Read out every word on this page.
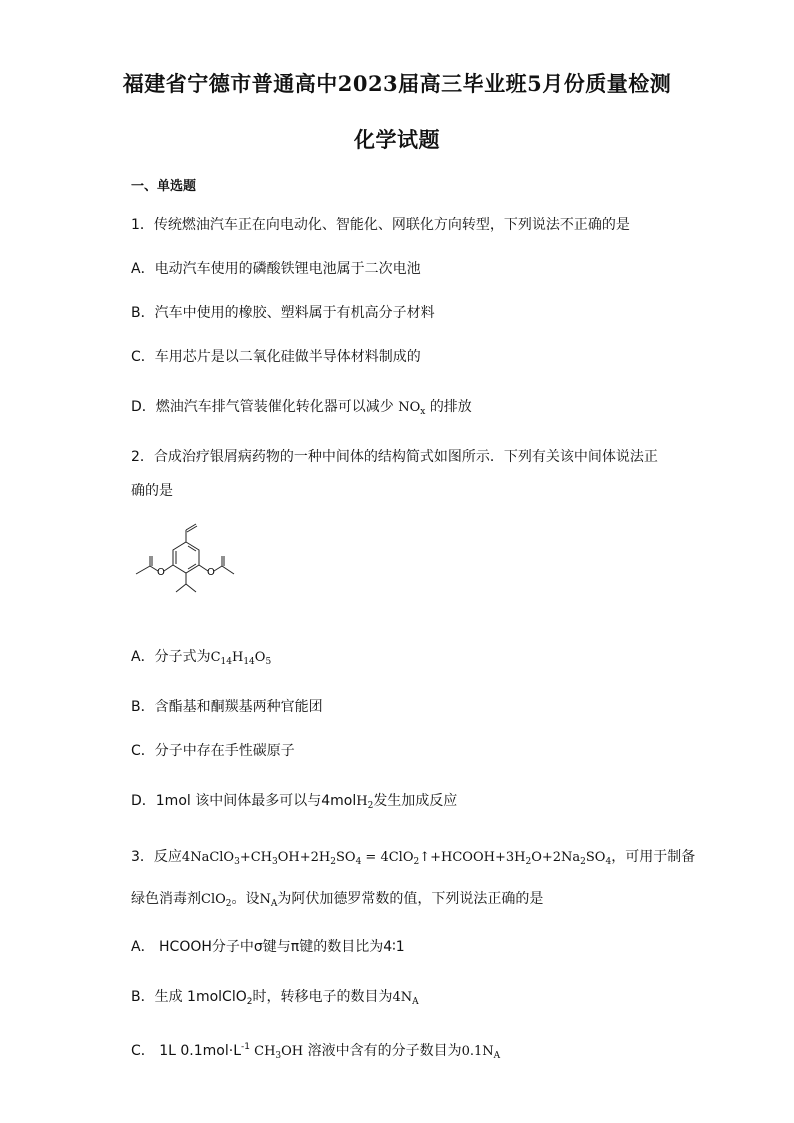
福建省宁德市普通高中2023届高三毕业班5月份质量检测
化学试题
一、单选题
1．传统燃油汽车正在向电动化、智能化、网联化方向转型，下列说法不正确的是
A．电动汽车使用的磷酸铁锂电池属于二次电池
B．汽车中使用的橡胶、塑料属于有机高分子材料
C．车用芯片是以二氧化硅做半导体材料制成的
D．燃油汽车排气管装催化转化器可以减少 $NO_x$ 的排放
2．合成治疗银屑病药物的一种中间体的结构简式如图所示．下列有关该中间体说法正确的是
O	O
A．分子式为$C_{14}H_{14}O_5$
B．含酯基和酮羰基两种官能团
C．分子中存在手性碳原子
D．1mol 该中间体最多可以与4molH$_2$发生加成反应
3．反应$4NaClO_3+CH_3OH+2H_2SO_4$ = $4ClO_2↑+HCOOH+3H_2O+2Na_2SO_4$，可用于制备
绿色消毒剂ClO$_2$。设$N_A$为阿伏加德罗常数的值，下列说法正确的是
A． HCOOH分子中σ键与π键的数目比为4∶1
B．生成 1molClO$_2$时，转移电子的数目为$4N_A$
C． 1L $0.1mol\cdot L^{-1}$ $CH_3OH$ 溶液中含有的分子数目为$0.1N_A$
